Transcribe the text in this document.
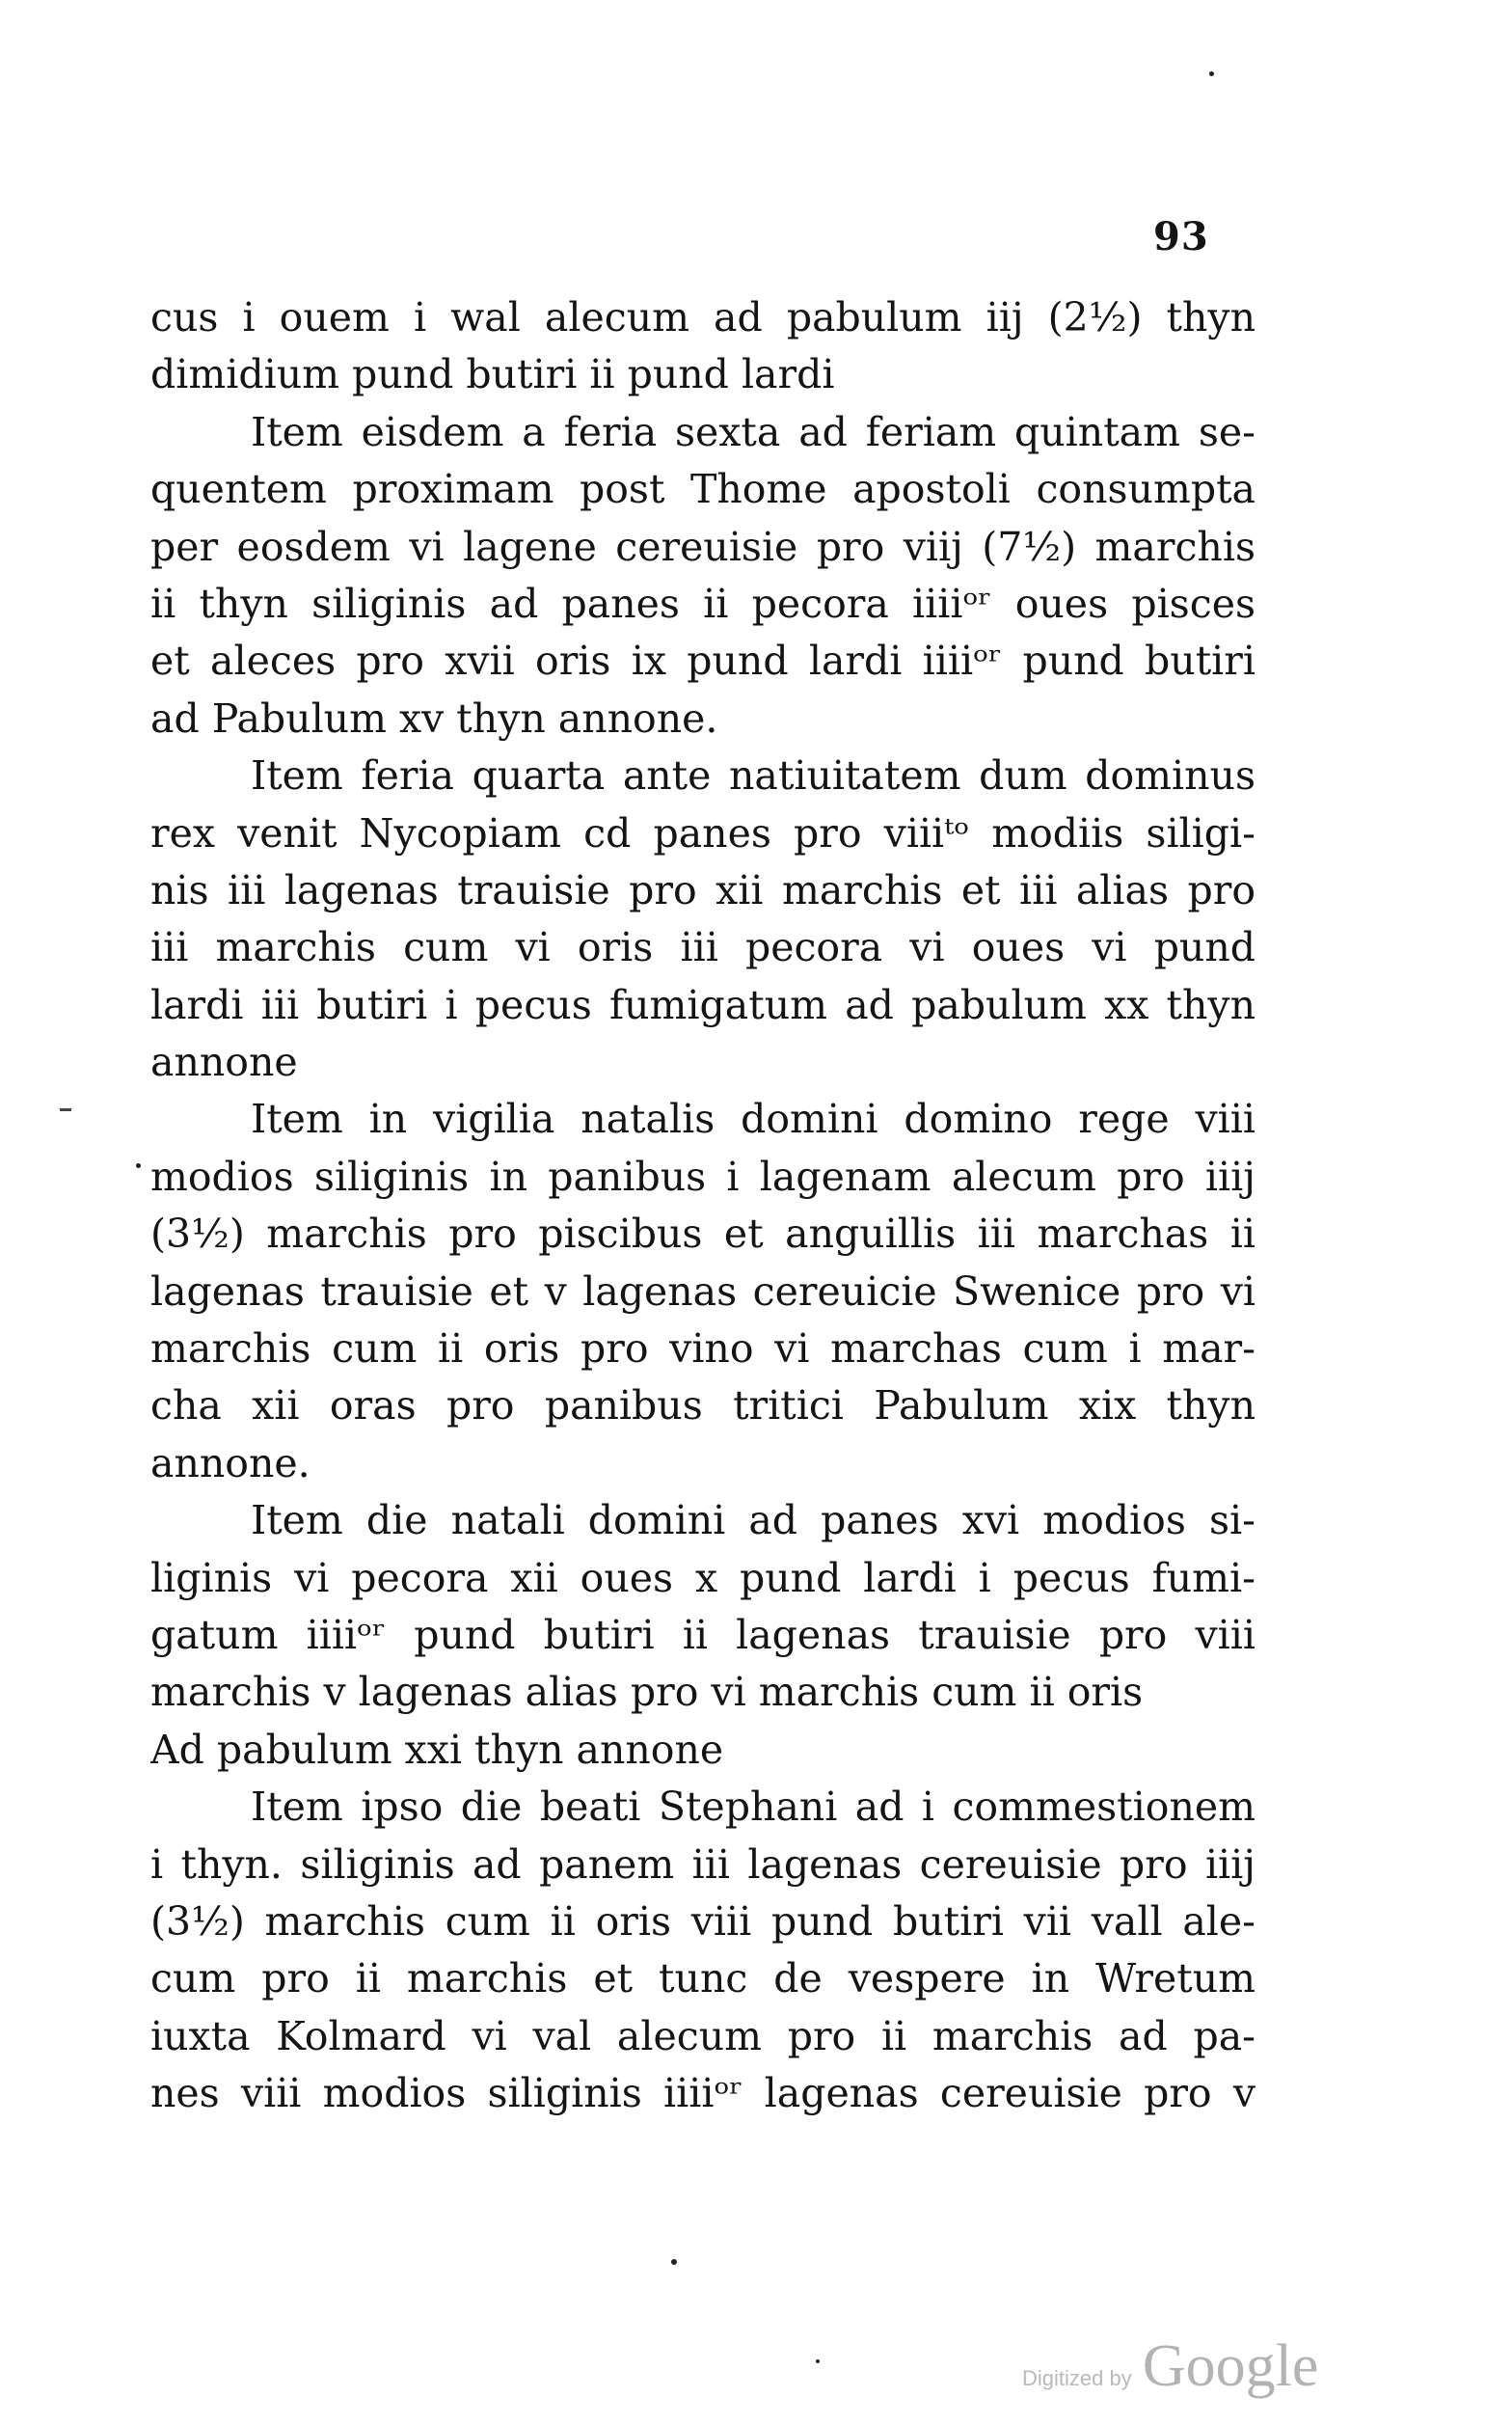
93
cus i ouem i wal alecum ad pabulum iij (2½) thyn
dimidium pund butiri ii pund lardi
Item eisdem a feria sexta ad feriam quintam se-
quentem proximam post Thome apostoli consumpta
per eosdem vi lagene cereuisie pro viij (7½) marchis
ii thyn siliginis ad panes ii pecora iiiiᵒʳ oues pisces
et aleces pro xvii oris ix pund lardi iiiiᵒʳ pund butiri
ad Pabulum xv thyn annone.
Item feria quarta ante natiuitatem dum dominus
rex venit Nycopiam cd panes pro viiiᵗᵒ modiis siligi-
nis iii lagenas trauisie pro xii marchis et iii alias pro
iii marchis cum vi oris iii pecora vi oues vi pund
lardi iii butiri i pecus fumigatum ad pabulum xx thyn
annone
Item in vigilia natalis domini domino rege viii
modios siliginis in panibus i lagenam alecum pro iiij
(3½) marchis pro piscibus et anguillis iii marchas ii
lagenas trauisie et v lagenas cereuicie Swenice pro vi
marchis cum ii oris pro vino vi marchas cum i mar-
cha xii oras pro panibus tritici Pabulum xix thyn
annone.
Item die natali domini ad panes xvi modios si-
liginis vi pecora xii oues x pund lardi i pecus fumi-
gatum iiiiᵒʳ pund butiri ii lagenas trauisie pro viii
marchis v lagenas alias pro vi marchis cum ii oris
Ad pabulum xxi thyn annone
Item ipso die beati Stephani ad i commestionem
i thyn. siliginis ad panem iii lagenas cereuisie pro iiij
(3½) marchis cum ii oris viii pund butiri vii vall ale-
cum pro ii marchis et tunc de vespere in Wretum
iuxta Kolmard vi val alecum pro ii marchis ad pa-
nes viii modios siliginis iiiiᵒʳ lagenas cereuisie pro v
Digitized by Google
